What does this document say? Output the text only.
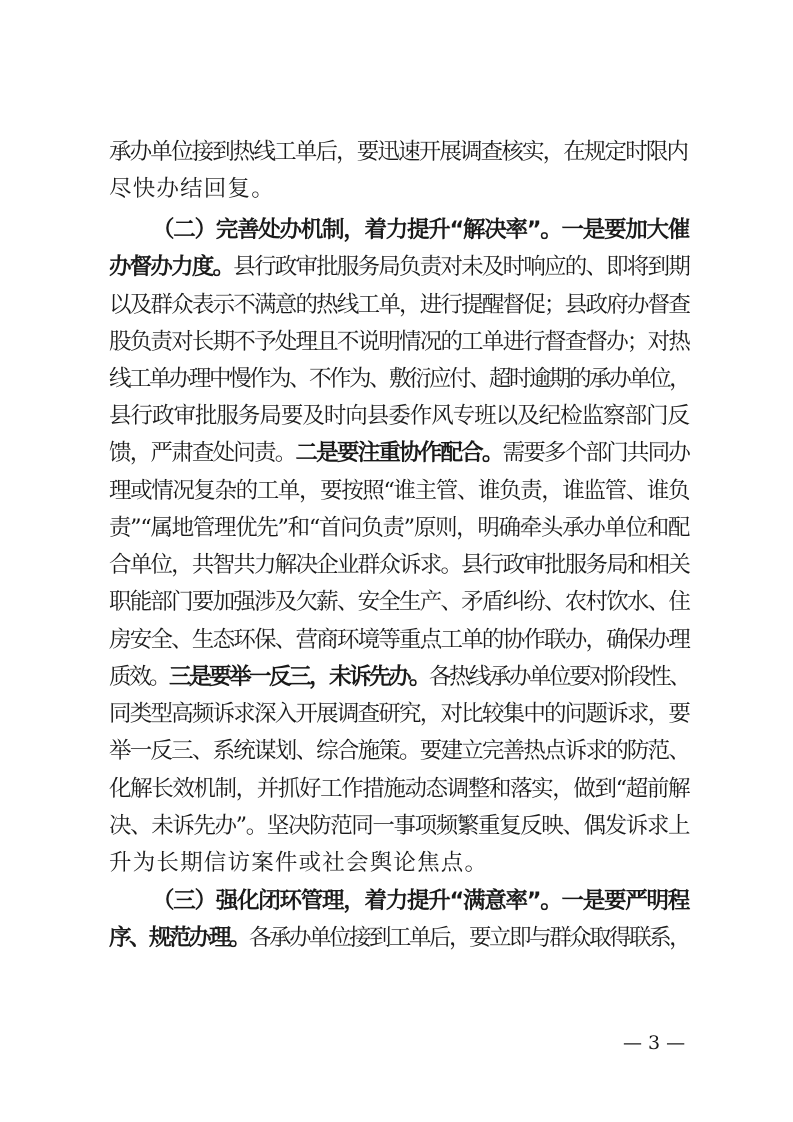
承办单位接到热线工单后，要迅速开展调查核实，在规定时限内
尽快办结回复。
（二）完善处办机制，着力提升“解决率”。一是要加大催
办督办力度。县行政审批服务局负责对未及时响应的、即将到期
以及群众表示不满意的热线工单，进行提醒督促；县政府办督查
股负责对长期不予处理且不说明情况的工单进行督查督办；对热
线工单办理中慢作为、不作为、敷衍应付、超时逾期的承办单位，
县行政审批服务局要及时向县委作风专班以及纪检监察部门反
馈，严肃查处问责。二是要注重协作配合。需要多个部门共同办
理或情况复杂的工单，要按照“谁主管、谁负责，谁监管、谁负
责”“属地管理优先”和“首问负责”原则，明确牵头承办单位和配
合单位，共智共力解决企业群众诉求。县行政审批服务局和相关
职能部门要加强涉及欠薪、安全生产、矛盾纠纷、农村饮水、住
房安全、生态环保、营商环境等重点工单的协作联办，确保办理
质效。三是要举一反三，未诉先办。各热线承办单位要对阶段性、
同类型高频诉求深入开展调查研究，对比较集中的问题诉求，要
举一反三、系统谋划、综合施策。要建立完善热点诉求的防范、
化解长效机制，并抓好工作措施动态调整和落实，做到“超前解
决、未诉先办”。坚决防范同一事项频繁重复反映、偶发诉求上
升为长期信访案件或社会舆论焦点。
（三）强化闭环管理，着力提升“满意率”。一是要严明程
序、规范办理。各承办单位接到工单后，要立即与群众取得联系，
— 3 —
